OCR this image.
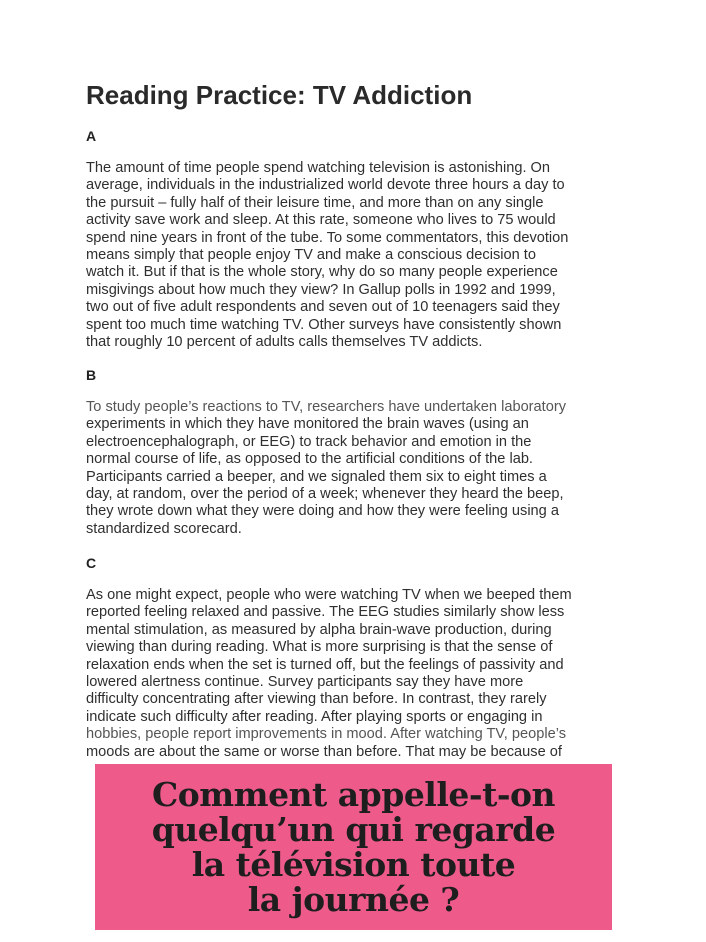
Reading Practice: TV Addiction
A
The amount of time people spend watching television is astonishing. On
average, individuals in the industrialized world devote three hours a day to
the pursuit – fully half of their leisure time, and more than on any single
activity save work and sleep. At this rate, someone who lives to 75 would
spend nine years in front of the tube. To some commentators, this devotion
means simply that people enjoy TV and make a conscious decision to
watch it. But if that is the whole story, why do so many people experience
misgivings about how much they view? In Gallup polls in 1992 and 1999,
two out of five adult respondents and seven out of 10 teenagers said they
spent too much time watching TV. Other surveys have consistently shown
that roughly 10 percent of adults calls themselves TV addicts.
B
To study people’s reactions to TV, researchers have undertaken laboratory
experiments in which they have monitored the brain waves (using an
electroencephalograph, or EEG) to track behavior and emotion in the
normal course of life, as opposed to the artificial conditions of the lab.
Participants carried a beeper, and we signaled them six to eight times a
day, at random, over the period of a week; whenever they heard the beep,
they wrote down what they were doing and how they were feeling using a
standardized scorecard.
C
As one might expect, people who were watching TV when we beeped them
reported feeling relaxed and passive. The EEG studies similarly show less
mental stimulation, as measured by alpha brain-wave production, during
viewing than during reading. What is more surprising is that the sense of
relaxation ends when the set is turned off, but the feelings of passivity and
lowered alertness continue. Survey participants say they have more
difficulty concentrating after viewing than before. In contrast, they rarely
indicate such difficulty after reading. After playing sports or engaging in
hobbies, people report improvements in mood. After watching TV, people’s
moods are about the same or worse than before. That may be because of
Comment appelle-t-on
quelqu’un qui regarde
la télévision toute
la journée ?
